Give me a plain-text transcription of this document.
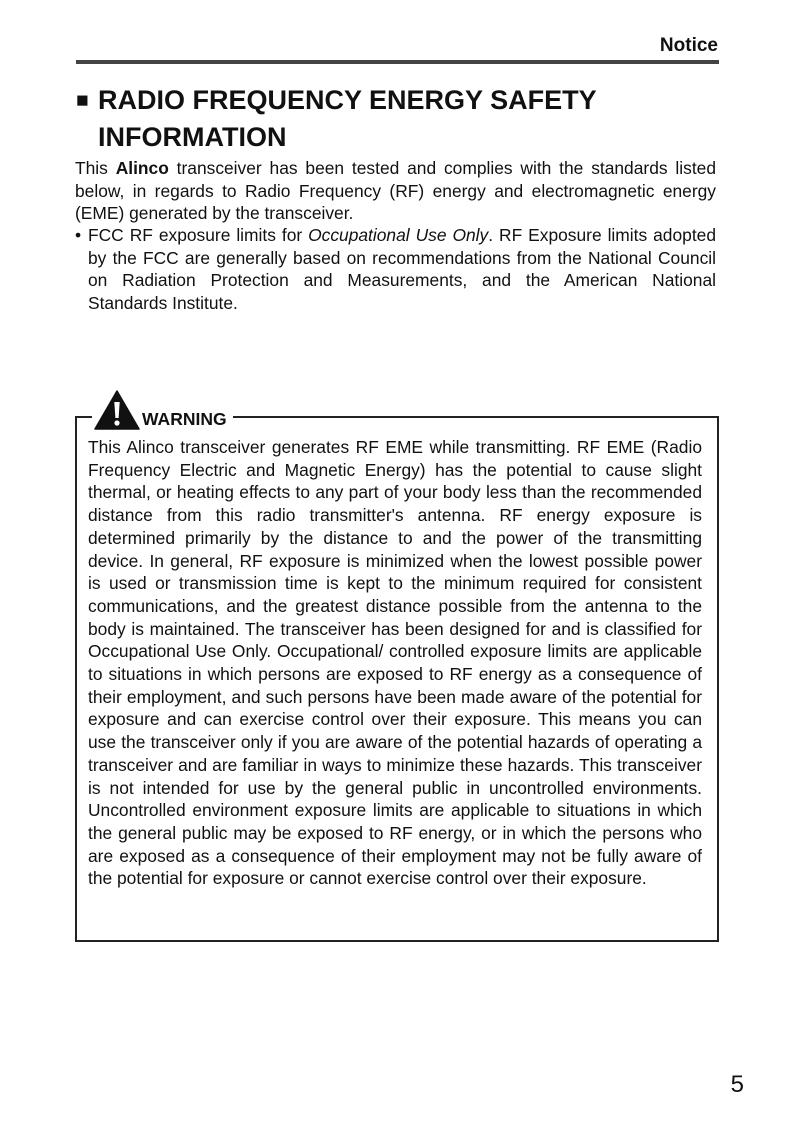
Notice
■ RADIO FREQUENCY ENERGY SAFETY
INFORMATION

This Alinco transceiver has been tested and complies with the standards listed below, in regards to Radio Frequency (RF) energy and electromagnetic energy (EME) generated by the transceiver.

• FCC RF exposure limits for Occupational Use Only. RF Exposure limits adopted by the FCC are generally based on recommendations from the National Council on Radiation Protection and Measurements, and the American National Standards Institute.

WARNING

This Alinco transceiver generates RF EME while transmitting. RF EME (Radio Frequency Electric and Magnetic Energy) has the potential to cause slight thermal, or heating effects to any part of your body less than the recommended distance from this radio transmitter's antenna. RF energy exposure is determined primarily by the distance to and the power of the transmitting device. In general, RF exposure is minimized when the lowest possible power is used or transmission time is kept to the minimum required for consistent communications, and the greatest distance possible from the antenna to the body is maintained. The transceiver has been designed for and is classified for Occupational Use Only. Occupational/ controlled exposure limits are applicable to situations in which persons are exposed to RF energy as a consequence of their employment, and such persons have been made aware of the potential for exposure and can exercise control over their exposure. This means you can use the transceiver only if you are aware of the potential hazards of operating a transceiver and are familiar in ways to minimize these hazards. This transceiver is not intended for use by the general public in uncontrolled environments. Uncontrolled environment exposure limits are applicable to situations in which the general public may be exposed to RF energy, or in which the persons who are exposed as a consequence of their employment may not be fully aware of the potential for exposure or cannot exercise control over their exposure.

5
